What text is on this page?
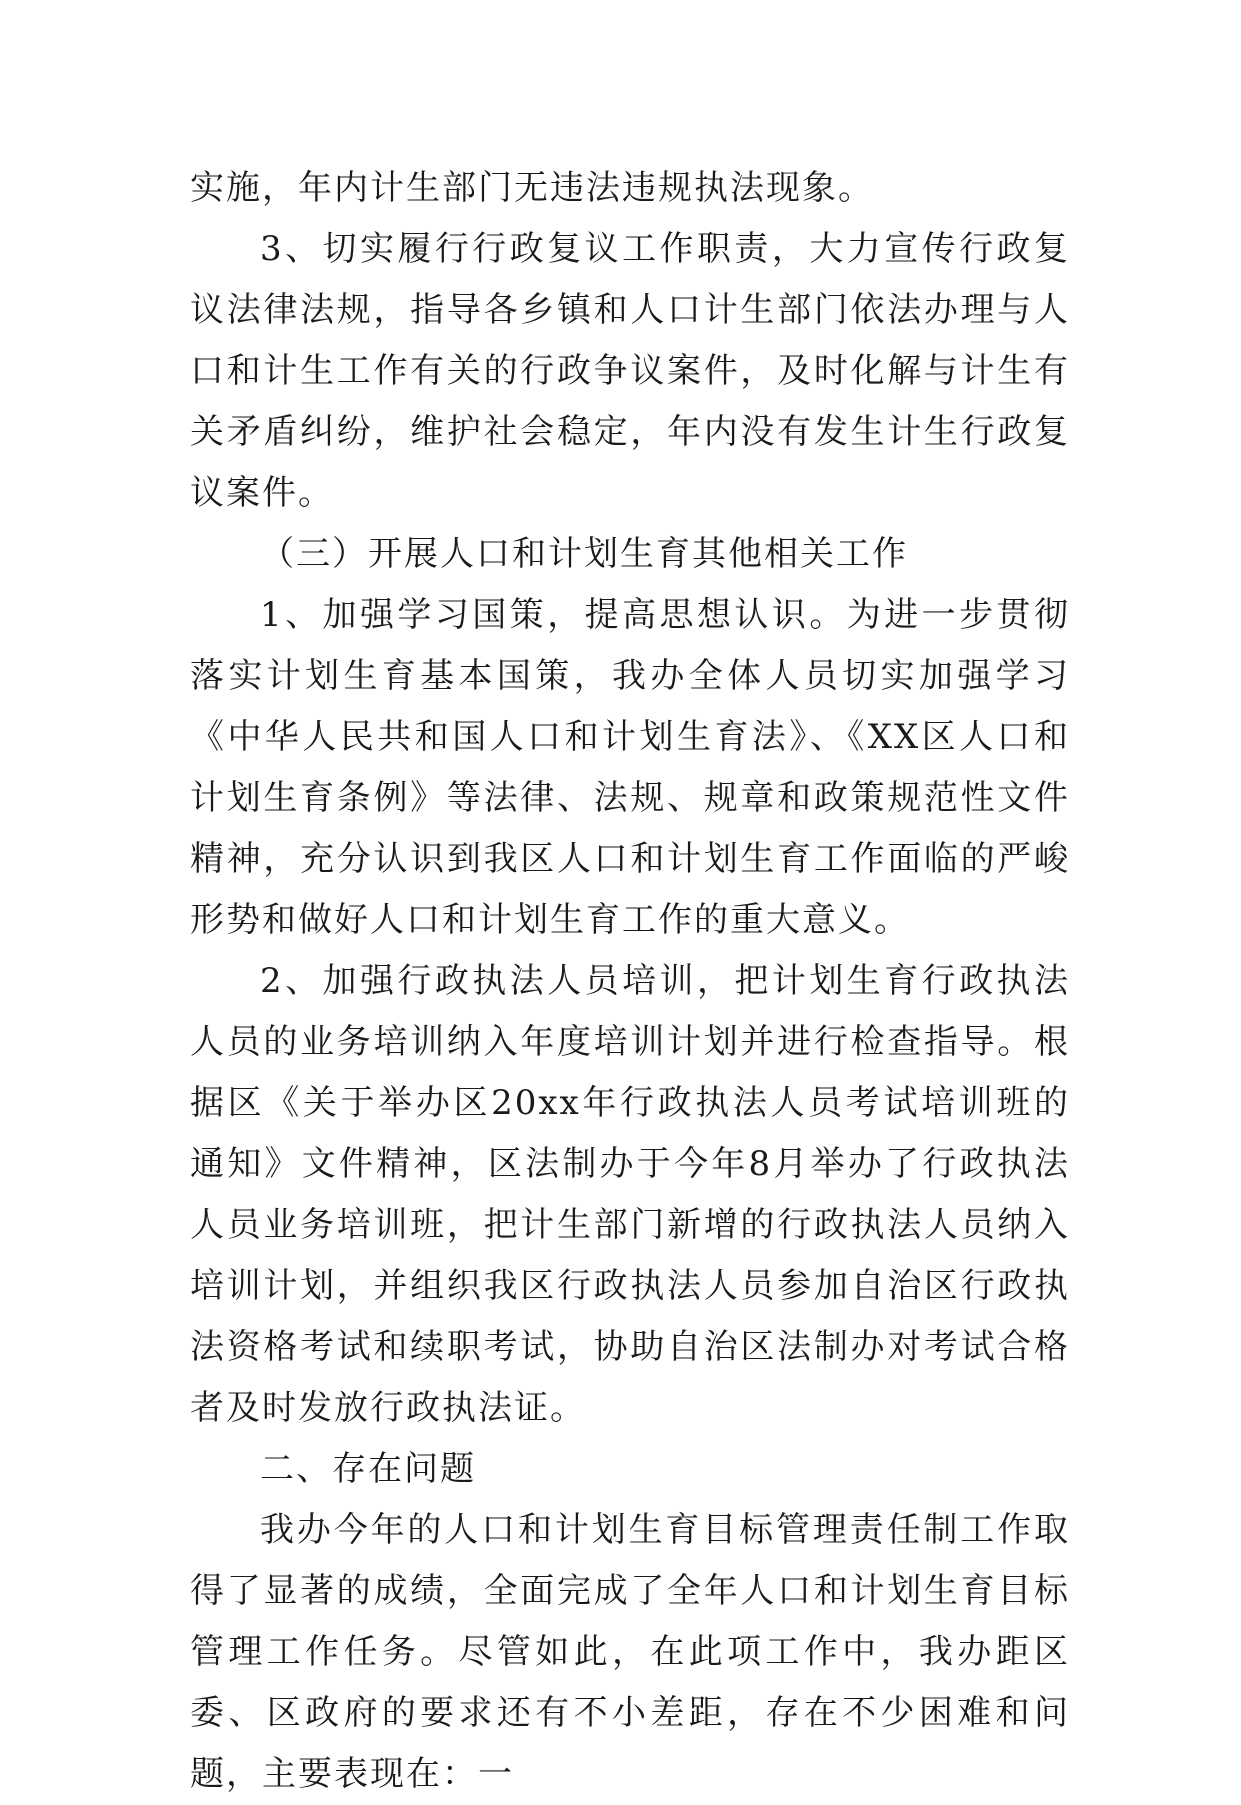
实施，年内计生部门无违法违规执法现象。

3、切实履行行政复议工作职责，大力宣传行政复议法律法规，指导各乡镇和人口计生部门依法办理与人口和计生工作有关的行政争议案件，及时化解与计生有关矛盾纠纷，维护社会稳定，年内没有发生计生行政复议案件。

（三）开展人口和计划生育其他相关工作

1、加强学习国策，提高思想认识。为进一步贯彻落实计划生育基本国策，我办全体人员切实加强学习《中华人民共和国人口和计划生育法》、《XX区人口和计划生育条例》等法律、法规、规章和政策规范性文件精神，充分认识到我区人口和计划生育工作面临的严峻形势和做好人口和计划生育工作的重大意义。

2、加强行政执法人员培训，把计划生育行政执法人员的业务培训纳入年度培训计划并进行检查指导。根据区《关于举办区20xx年行政执法人员考试培训班的通知》文件精神，区法制办于今年8月举办了行政执法人员业务培训班，把计生部门新增的行政执法人员纳入培训计划，并组织我区行政执法人员参加自治区行政执法资格考试和续职考试，协助自治区法制办对考试合格者及时发放行政执法证。

二、存在问题

我办今年的人口和计划生育目标管理责任制工作取得了显著的成绩，全面完成了全年人口和计划生育目标管理工作任务。尽管如此，在此项工作中，我办距区委、区政府的要求还有不小差距，存在不少困难和问题，主要表现在：一
